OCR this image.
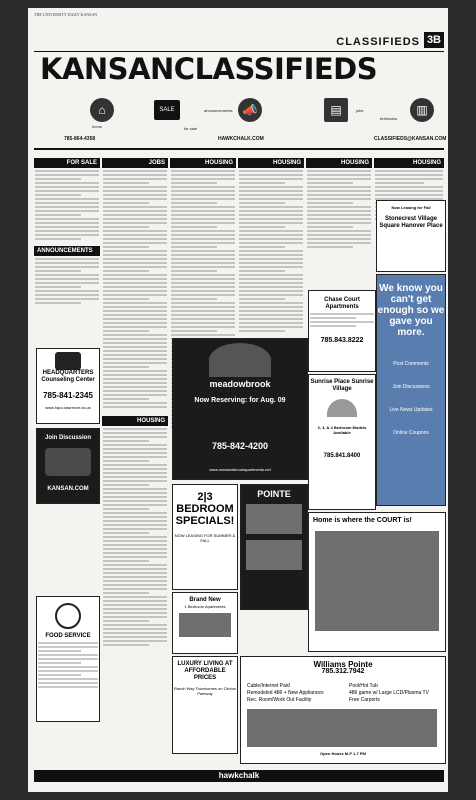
THE UNIVERSITY DAILY KANSAN
CLASSIFIEDS 3B
KANSANCLASSIFIEDS
⌂
home
SALE
for sale
📣
announcements	▤	jobs	▥
textbooks
785-864-4358	HAWKCHALK.COM	CLASSIFIEDS@KANSAN.COM
FOR SALE
ANNOUNCEMENTS
JOBS
HOUSING
HOUSING	HOUSING	HOUSING	HOUSING
HEADQUARTERS Counseling Center
785-841-2345
www.hqcc.lawrence.ks.us
Join Discussion
KANSAN.COM
FOOD SERVICE
meadowbrook
Now Reserving: for Aug. 09
785-842-4200
www.meadowbrookapartments.net
2|3 BEDROOM SPECIALS!
NOW LEASING FOR SUMMER & FALL
Brand New
1 Bedroom Apartments
LUXURY LIVING AT AFFORDABLE PRICES
Ranch Way Townhomes on Clinton Parkway
POINTE
Chase Court Apartments
785.843.8222
Sunrise Place Sunrise Village
2, 3, & 4 Bedroom Models Available
785.841.8400
Now Leasing for Fall
Stonecrest Village Square Hanover Place
We know you can't get enough so we gave you more.
Post Comments
Join Discussions
Live News Updates
Online Coupons
Home is where the COURT is!
Williams Pointe
785.312.7942
Cable/Internet Paid
Remodeled 486 + New Appliances
Rec. Room/Work Out Facility
Pool/Hot Tub
486 game w/ Large LCD/Plasma TV
Free Carports
Open House M-F 1-7 PM
hawkchalk
